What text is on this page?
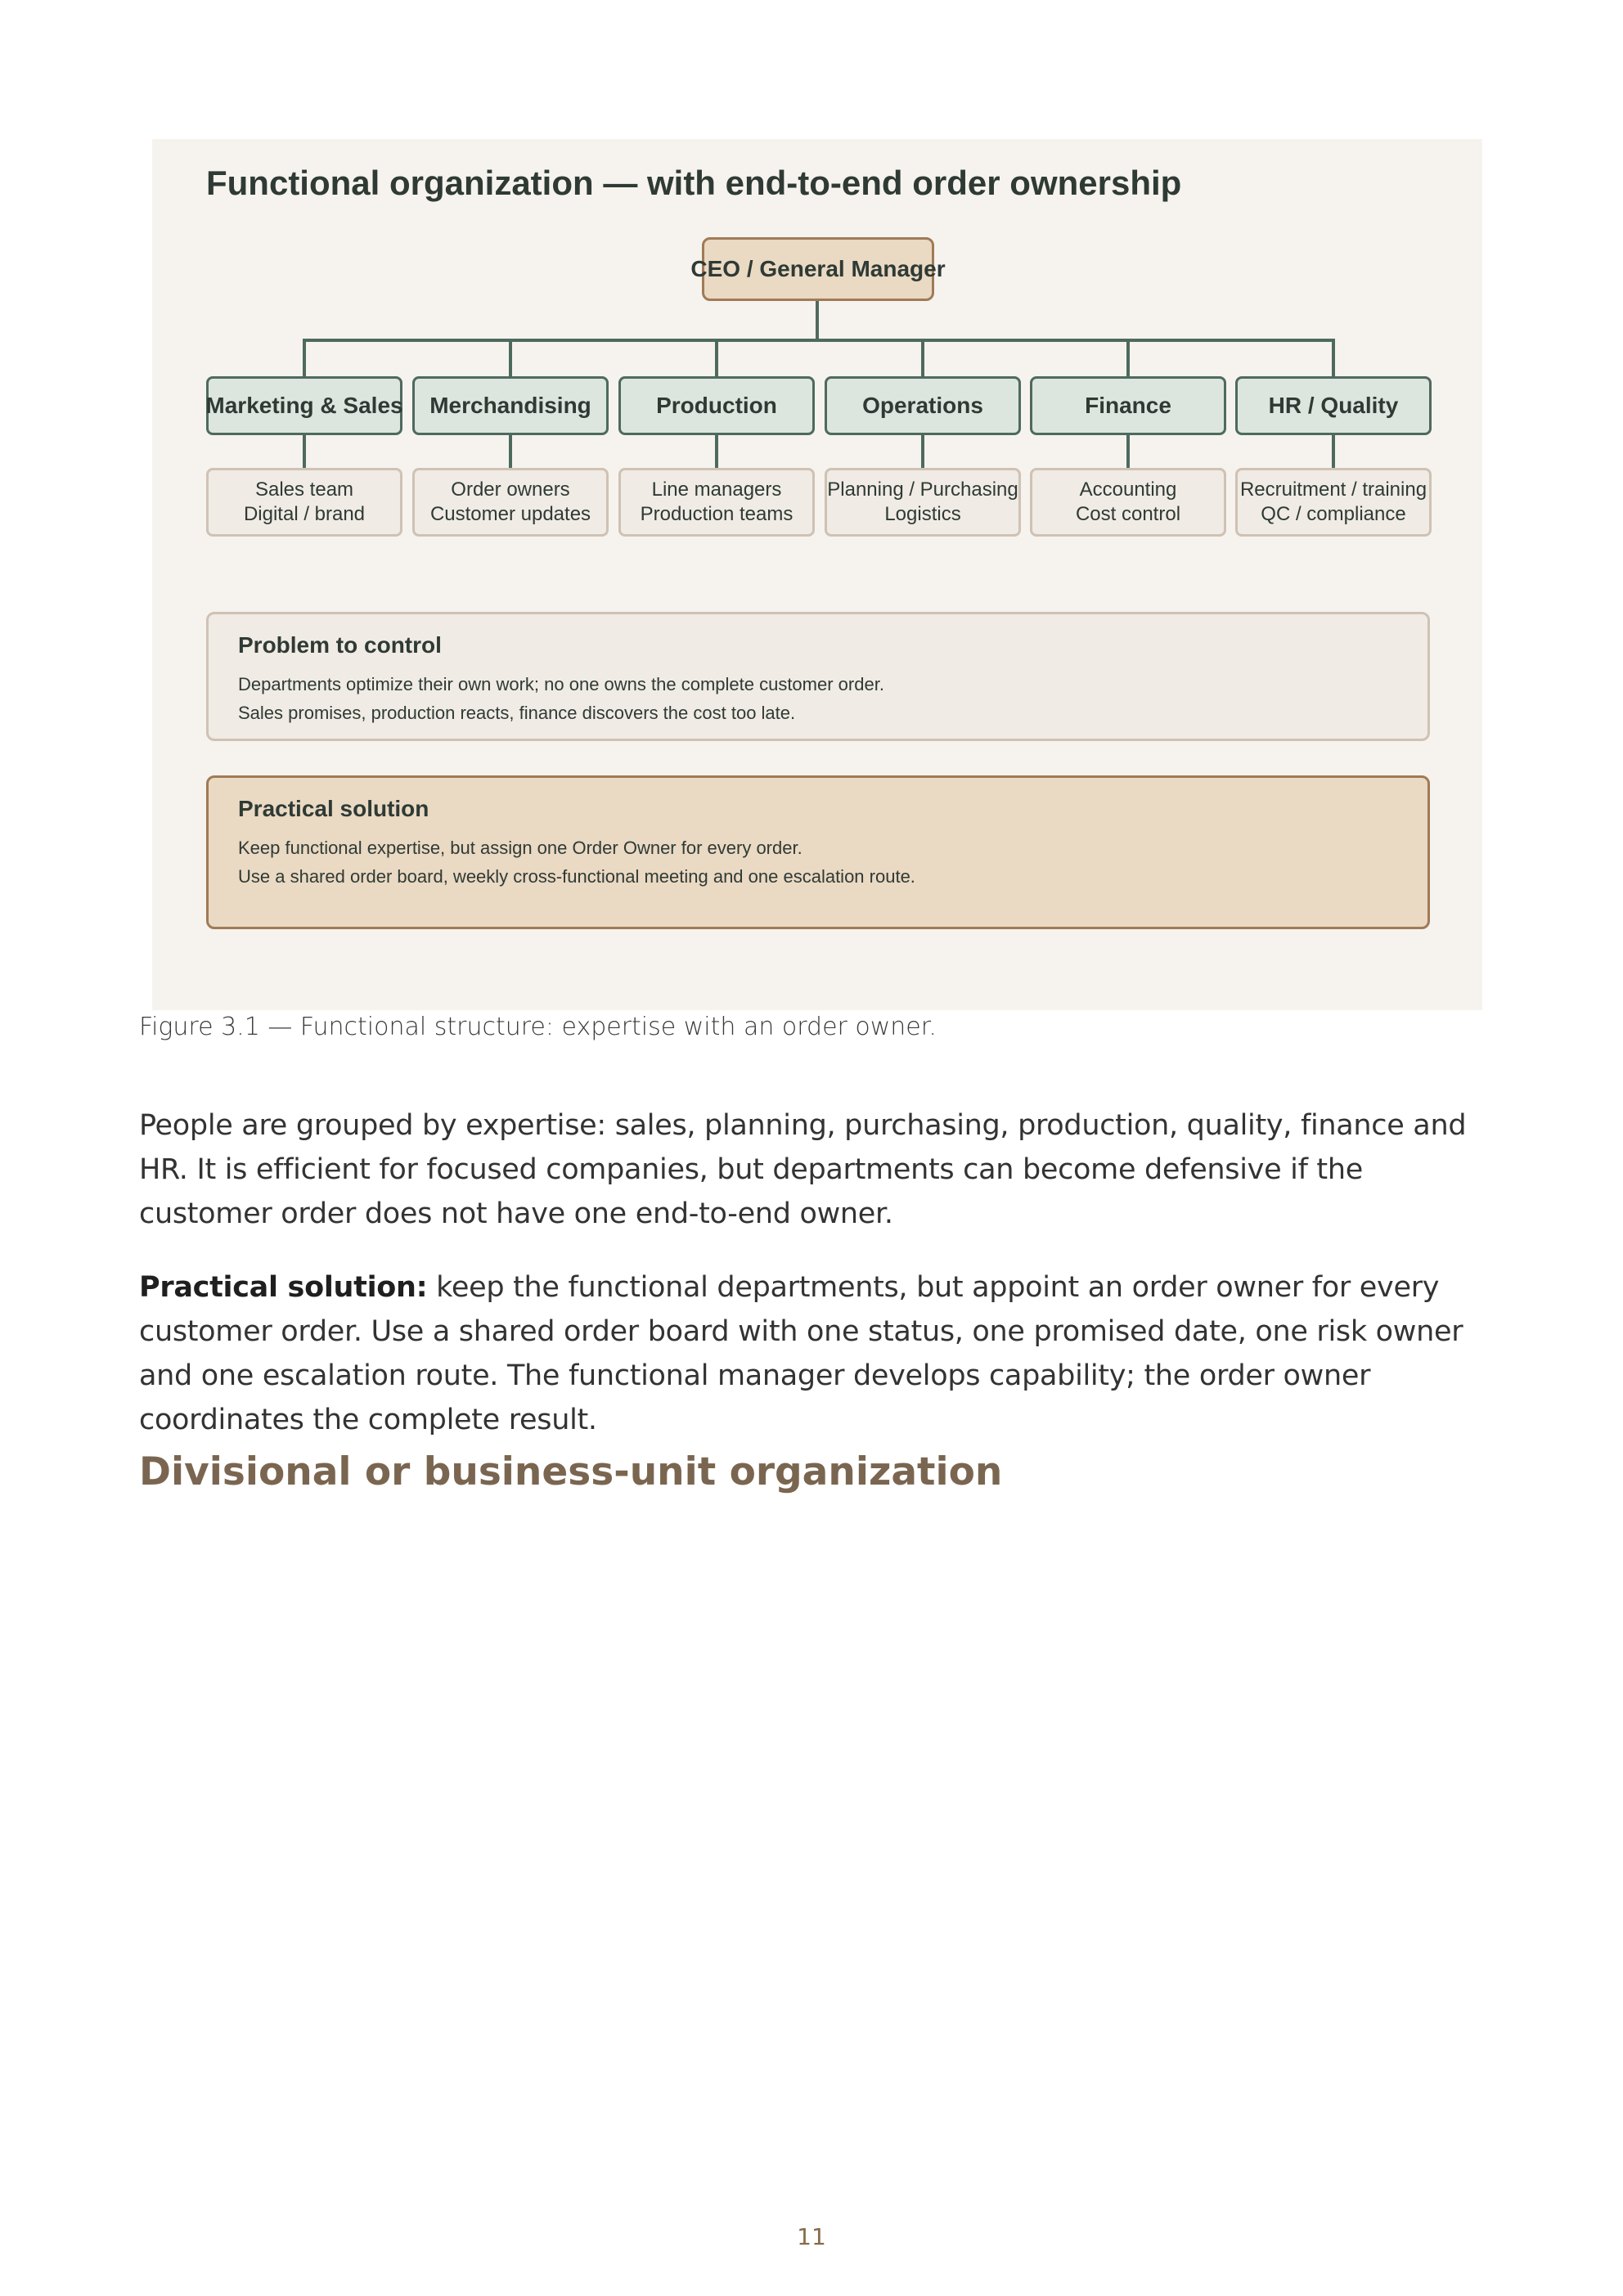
Functional organization — with end-to-end order ownership
CEO / General Manager
Marketing & Sales Merchandising	Production	Operations	Finance	HR / Quality
Sales team
Digital / brand
Order owners
Customer updates
Line managers
Production teams
Planning / Purchasing
Logistics
Accounting
Cost control
Recruitment / training
QC / compliance
Problem to control

Departments optimize their own work; no one owns the complete customer order.

Sales promises, production reacts, finance discovers the cost too late.

Practical solution

Keep functional expertise, but assign one Order Owner for every order.

Use a shared order board, weekly cross-functional meeting and one escalation route.

Figure 3.1 — Functional structure: expertise with an order owner.

People are grouped by expertise: sales, planning, purchasing, production, quality, finance and HR. It is efficient for focused companies, but departments can become defensive if the customer order does not have one end-to-end owner.

Practical solution: keep the functional departments, but appoint an order owner for every customer order. Use a shared order board with one status, one promised date, one risk owner and one escalation route. The functional manager develops capability; the order owner coordinates the complete result.

Divisional or business-unit organization
11
